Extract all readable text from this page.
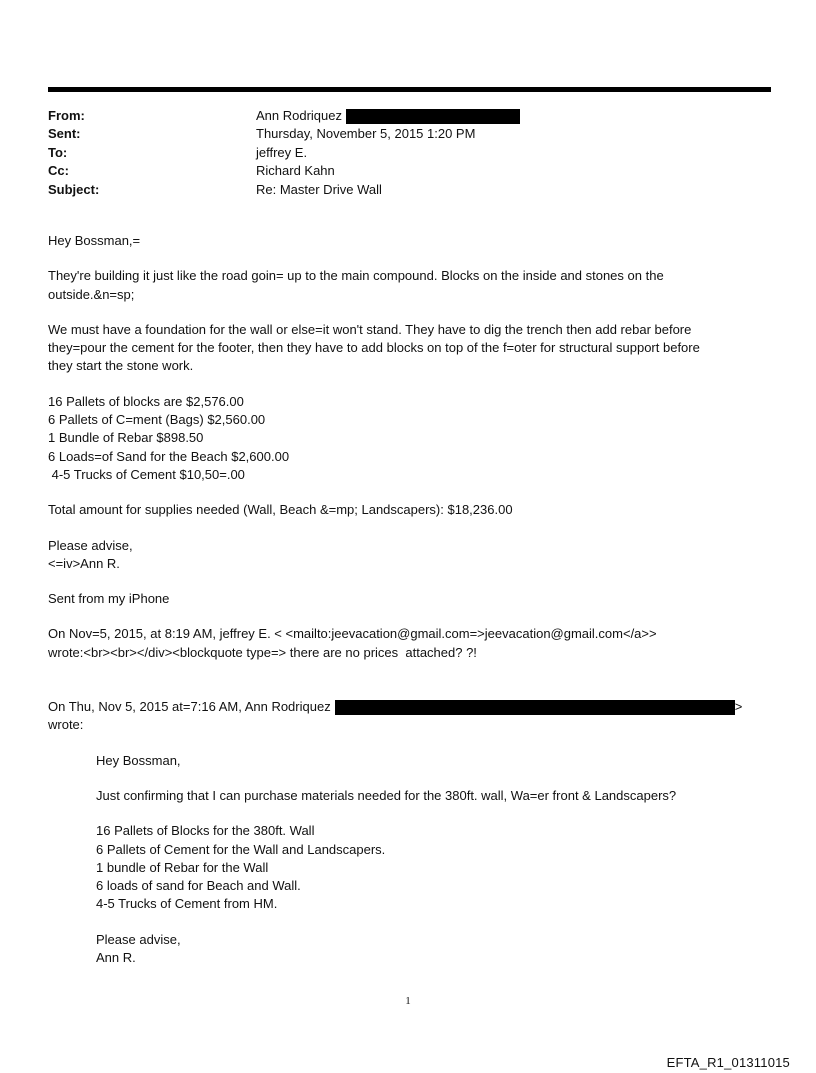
From:	Ann Rodriquez
Sent:	Thursday, November 5, 2015 1:20 PM
To:	jeffrey E.
Cc:	Richard Kahn
Subject:	Re: Master Drive Wall

Hey Bossman,=

They're building it just like the road goin= up to the main compound. Blocks on the inside and stones on the

outside.&n=sp;

We must have a foundation for the wall or else=it won't stand. They have to dig the trench then add rebar before

they=pour the cement for the footer, then they have to add blocks on top of the f=oter for structural support before

they start the stone work.

16 Pallets of blocks are $2,576.00

6 Pallets of C=ment (Bags) $2,560.00

1 Bundle of Rebar $898.50

6 Loads=of Sand for the Beach $2,600.00

4-5 Trucks of Cement $10,50=.00

Total amount for supplies needed (Wall, Beach &=mp; Landscapers): $18,236.00

Please advise,

<=iv>Ann R.

Sent from my iPhone

On Nov=5, 2015, at 8:19 AM, jeffrey E. < <mailto:jeevacation@gmail.com=>jeevacation@gmail.com</a>>

wrote:<br><br></div><blockquote type=> there are no prices  attached? ?!

On Thu, Nov 5, 2015 at=7:16 AM, Ann Rodriquez	>

wrote:

Hey Bossman,

Just confirming that I can purchase materials needed for the 380ft. wall, Wa=er front & Landscapers?

16 Pallets of Blocks for the 380ft. Wall

6 Pallets of Cement for the Wall and Landscapers.

1 bundle of Rebar for the Wall

6 loads of sand for Beach and Wall.

4-5 Trucks of Cement from HM.

Please advise,

Ann R.

1
EFTA_R1_01311015
